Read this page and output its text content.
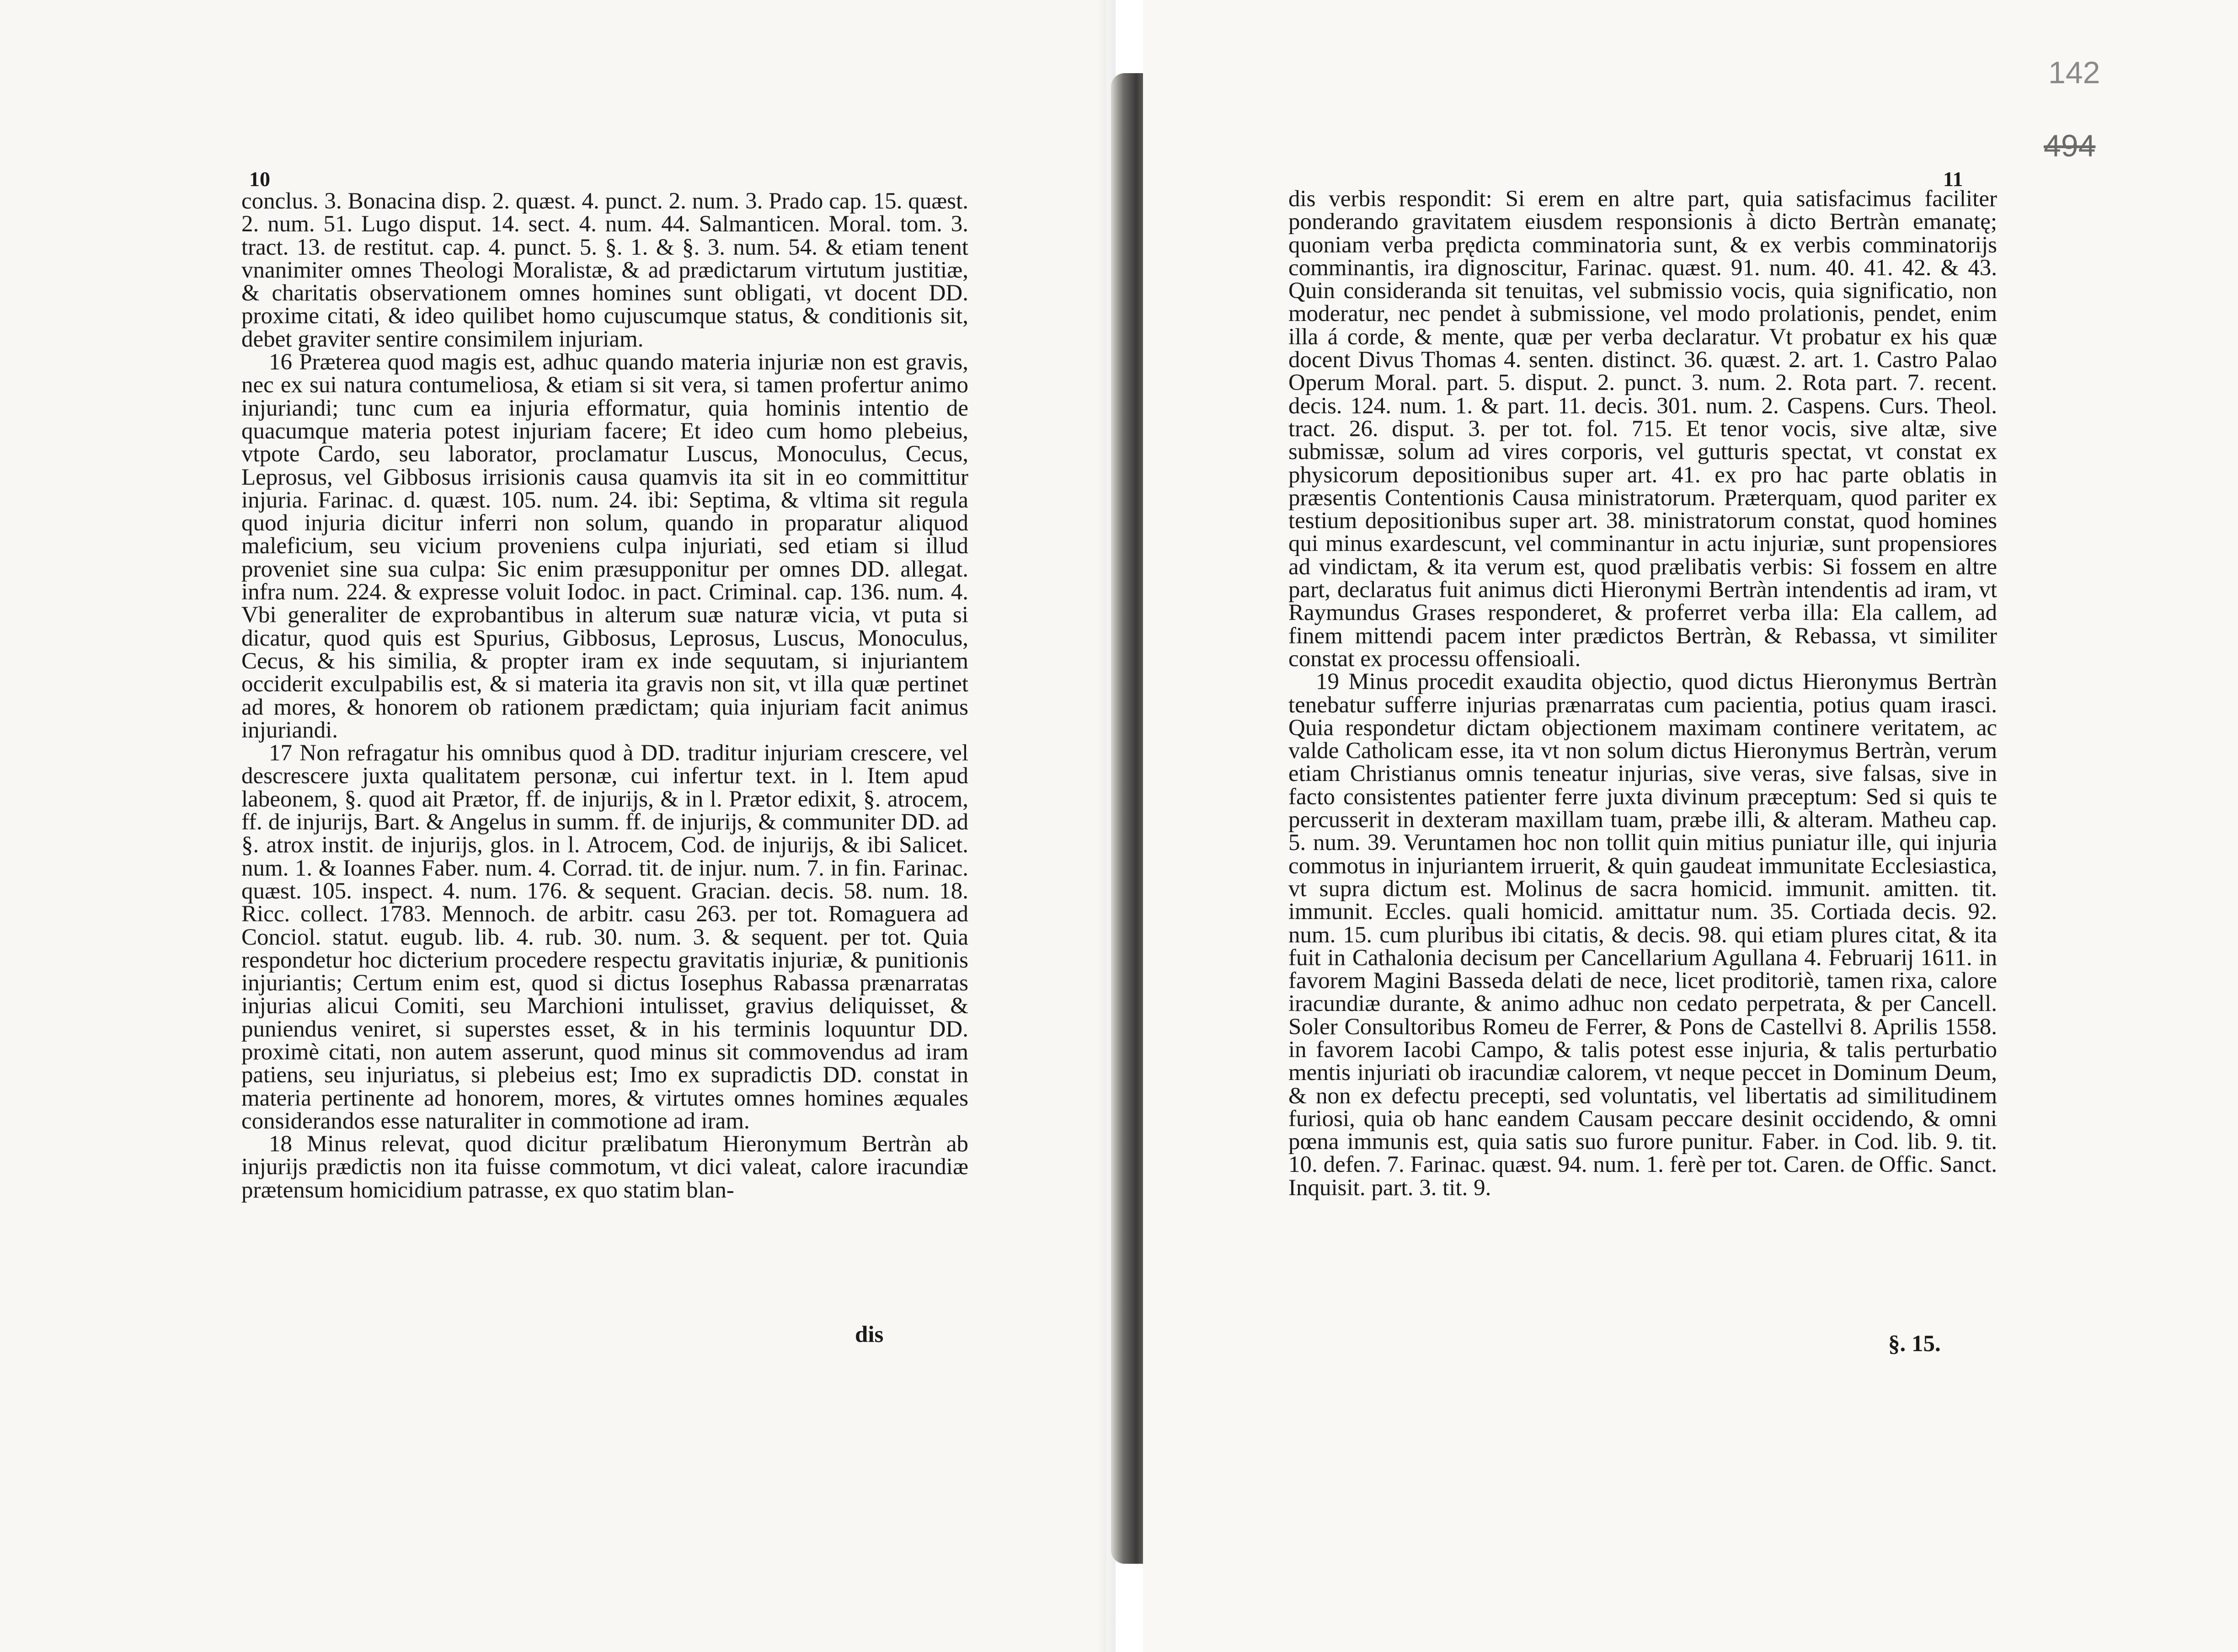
10

conclus. 3. Bonacina disp. 2. quæst. 4. punct. 2. num. 3. Prado cap. 15. quæst. 2. num. 51. Lugo disput. 14. sect. 4. num. 44. Salmanticen. Moral. tom. 3. tract. 13. de restitut. cap. 4. punct. 5. §. 1. & §. 3. num. 54. & etiam tenent vnanimiter omnes Theologi Moralistæ, & ad prædictarum virtutum justitiæ, & charitatis observationem omnes homines sunt obligati, vt docent DD. proxime citati, & ideo quilibet homo cujuscumque status, & conditionis sit, debet graviter sentire consimilem injuriam.

16 Præterea quod magis est, adhuc quando materia injuriæ non est gravis, nec ex sui natura contumeliosa, & etiam si sit vera, si tamen profertur animo injuriandi; tunc cum ea injuria efformatur, quia hominis intentio de quacumque materia potest injuriam facere; Et ideo cum homo plebeius, vtpote Cardo, seu laborator, proclamatur Luscus, Monoculus, Cecus, Leprosus, vel Gibbosus irrisionis causa quamvis ita sit in eo committitur injuria. Farinac. d. quæst. 105. num. 24. ibi: Septima, & vltima sit regula quod injuria dicitur inferri non solum, quando in proparatur aliquod maleficium, seu vicium proveniens culpa injuriati, sed etiam si illud proveniet sine sua culpa: Sic enim præsupponitur per omnes DD. allegat. infra num. 224. & expresse voluit Iodoc. in pact. Criminal. cap. 136. num. 4. Vbi generaliter de exprobantibus in alterum suæ naturæ vicia, vt puta si dicatur, quod quis est Spurius, Gibbosus, Leprosus, Luscus, Monoculus, Cecus, & his similia, & propter iram ex inde sequutam, si injuriantem occiderit exculpabilis est, & si materia ita gravis non sit, vt illa quæ pertinet ad mores, & honorem ob rationem prædictam; quia injuriam facit animus injuriandi.

17 Non refragatur his omnibus quod à DD. traditur injuriam crescere, vel descrescere juxta qualitatem personæ, cui infertur text. in l. Item apud labeonem, §. quod ait Prætor, ff. de injurijs, & in l. Prætor edixit, §. atrocem, ff. de injurijs, Bart. & Angelus in summ. ff. de injurijs, & communiter DD. ad §. atrox instit. de injurijs, glos. in l. Atrocem, Cod. de injurijs, & ibi Salicet. num. 1. & Ioannes Faber. num. 4. Corrad. tit. de injur. num. 7. in fin. Farinac. quæst. 105. inspect. 4. num. 176. & sequent. Gracian. decis. 58. num. 18. Ricc. collect. 1783. Mennoch. de arbitr. casu 263. per tot. Romaguera ad Conciol. statut. eugub. lib. 4. rub. 30. num. 3. & sequent. per tot. Quia respondetur hoc dicterium procedere respectu gravitatis injuriæ, & punitionis injuriantis; Certum enim est, quod si dictus Iosephus Rabassa prænarratas injurias alicui Comiti, seu Marchioni intulisset, gravius deliquisset, & puniendus veniret, si superstes esset, & in his terminis loquuntur DD. proximè citati, non autem asserunt, quod minus sit commovendus ad iram patiens, seu injuriatus, si plebeius est; Imo ex supradictis DD. constat in materia pertinente ad honorem, mores, & virtutes omnes homines æquales considerandos esse naturaliter in commotione ad iram.

18 Minus relevat, quod dicitur prælibatum Hieronymum Bertràn ab injurijs prædictis non ita fuisse commotum, vt dici valeat, calore iracundiæ prætensum homicidium patrasse, ex quo statim blan-

dis
11
142
494

dis verbis respondit: Si erem en altre part, quia satisfacimus faciliter ponderando gravitatem eiusdem responsionis à dicto Bertràn emanatę; quoniam verba prędicta comminatoria sunt, & ex verbis comminatorijs comminantis, ira dignoscitur, Farinac. quæst. 91. num. 40. 41. 42. & 43. Quin consideranda sit tenuitas, vel submissio vocis, quia significatio, non moderatur, nec pendet à submissione, vel modo prolationis, pendet, enim illa á corde, & mente, quæ per verba declaratur. Vt probatur ex his quæ docent Divus Thomas 4. senten. distinct. 36. quæst. 2. art. 1. Castro Palao Operum Moral. part. 5. disput. 2. punct. 3. num. 2. Rota part. 7. recent. decis. 124. num. 1. & part. 11. decis. 301. num. 2. Caspens. Curs. Theol. tract. 26. disput. 3. per tot. fol. 715. Et tenor vocis, sive altæ, sive submissæ, solum ad vires corporis, vel gutturis spectat, vt constat ex physicorum depositionibus super art. 41. ex pro hac parte oblatis in præsentis Contentionis Causa ministratorum. Præterquam, quod pariter ex testium depositionibus super art. 38. ministratorum constat, quod homines qui minus exardescunt, vel comminantur in actu injuriæ, sunt propensiores ad vindictam, & ita verum est, quod prælibatis verbis: Si fossem en altre part, declaratus fuit animus dicti Hieronymi Bertràn intendentis ad iram, vt Raymundus Grases responderet, & proferret verba illa: Ela callem, ad finem mittendi pacem inter prædictos Bertràn, & Rebassa, vt similiter constat ex processu offensioali.

19 Minus procedit exaudita objectio, quod dictus Hieronymus Bertràn tenebatur sufferre injurias prænarratas cum pacientia, potius quam irasci. Quia respondetur dictam objectionem maximam continere veritatem, ac valde Catholicam esse, ita vt non solum dictus Hieronymus Bertràn, verum etiam Christianus omnis teneatur injurias, sive veras, sive falsas, sive in facto consistentes patienter ferre juxta divinum præceptum: Sed si quis te percusserit in dexteram maxillam tuam, præbe illi, & alteram. Matheu cap. 5. num. 39. Veruntamen hoc non tollit quin mitius puniatur ille, qui injuria commotus in injuriantem irruerit, & quin gaudeat immunitate Ecclesiastica, vt supra dictum est. Molinus de sacra homicid. immunit. amitten. tit. immunit. Eccles. quali homicid. amittatur num. 35. Cortiada decis. 92. num. 15. cum pluribus ibi citatis, & decis. 98. qui etiam plures citat, & ita fuit in Cathalonia decisum per Cancellarium Agullana 4. Februarij 1611. in favorem Magini Basseda delati de nece, licet proditoriè, tamen rixa, calore iracundiæ durante, & animo adhuc non cedato perpetrata, & per Cancell. Soler Consultoribus Romeu de Ferrer, & Pons de Castellvi 8. Aprilis 1558. in favorem Iacobi Campo, & talis potest esse injuria, & talis perturbatio mentis injuriati ob iracundiæ calorem, vt neque peccet in Dominum Deum, & non ex defectu precepti, sed voluntatis, vel libertatis ad similitudinem furiosi, quia ob hanc eandem Causam peccare desinit occidendo, & omni pœna immunis est, quia satis suo furore punitur. Faber. in Cod. lib. 9. tit. 10. defen. 7. Farinac. quæst. 94. num. 1. ferè per tot. Caren. de Offic. Sanct. Inquisit. part. 3. tit. 9.

§. 15.
